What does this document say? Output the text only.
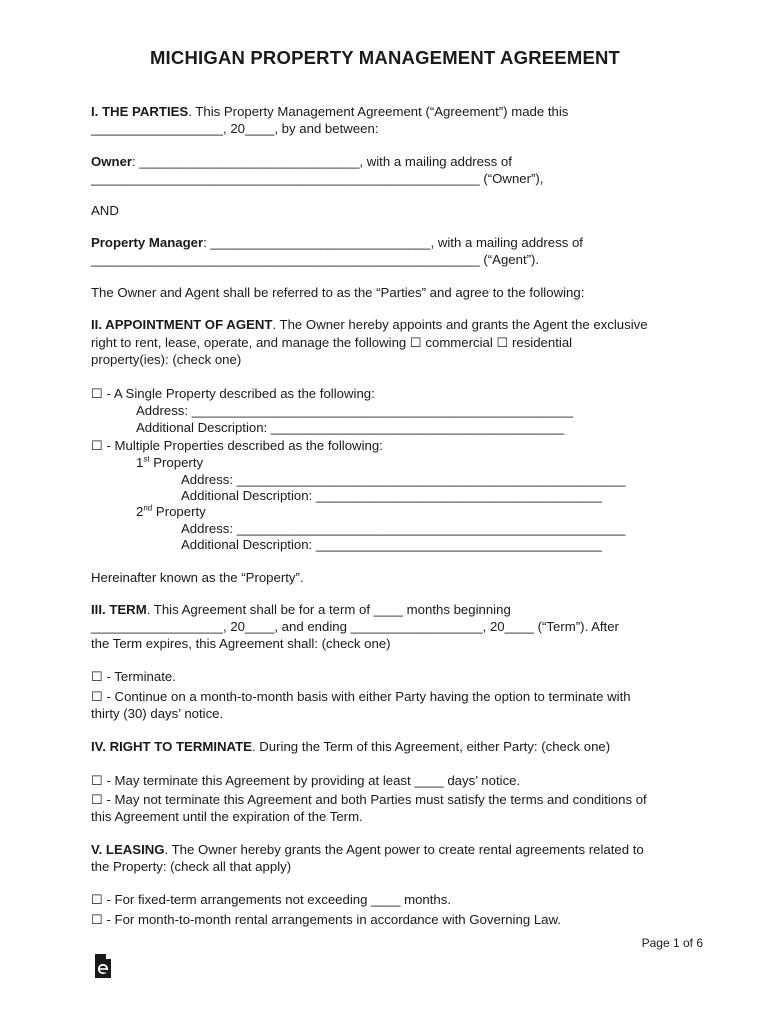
MICHIGAN PROPERTY MANAGEMENT AGREEMENT
I. THE PARTIES. This Property Management Agreement (“Agreement”) made this
__________________, 20____, by and between:
Owner: ______________________________, with a mailing address of
_____________________________________________________ (“Owner”),
AND
Property Manager: ______________________________, with a mailing address of
_____________________________________________________ (“Agent”).
The Owner and Agent shall be referred to as the “Parties” and agree to the following:
II. APPOINTMENT OF AGENT. The Owner hereby appoints and grants the Agent the exclusive
right to rent, lease, operate, and manage the following ☐ commercial ☐ residential
property(ies): (check one)
☐ - A Single Property described as the following:
Address: ____________________________________________________
Additional Description: ________________________________________
☐ - Multiple Properties described as the following:
1st Property
Address: _____________________________________________________
Additional Description: _______________________________________
2nd Property
Address: _____________________________________________________
Additional Description: _______________________________________
Hereinafter known as the “Property”.
III. TERM. This Agreement shall be for a term of ____ months beginning
__________________, 20____, and ending __________________, 20____ (“Term”). After
the Term expires, this Agreement shall: (check one)
☐ - Terminate.
☐ - Continue on a month-to-month basis with either Party having the option to terminate with
thirty (30) days’ notice.
IV. RIGHT TO TERMINATE. During the Term of this Agreement, either Party: (check one)
☐ - May terminate this Agreement by providing at least ____ days’ notice.
☐ - May not terminate this Agreement and both Parties must satisfy the terms and conditions of
this Agreement until the expiration of the Term.
V. LEASING. The Owner hereby grants the Agent power to create rental agreements related to
the Property: (check all that apply)
☐ - For fixed-term arrangements not exceeding ____ months.
☐ - For month-to-month rental arrangements in accordance with Governing Law.
Page 1 of 6
